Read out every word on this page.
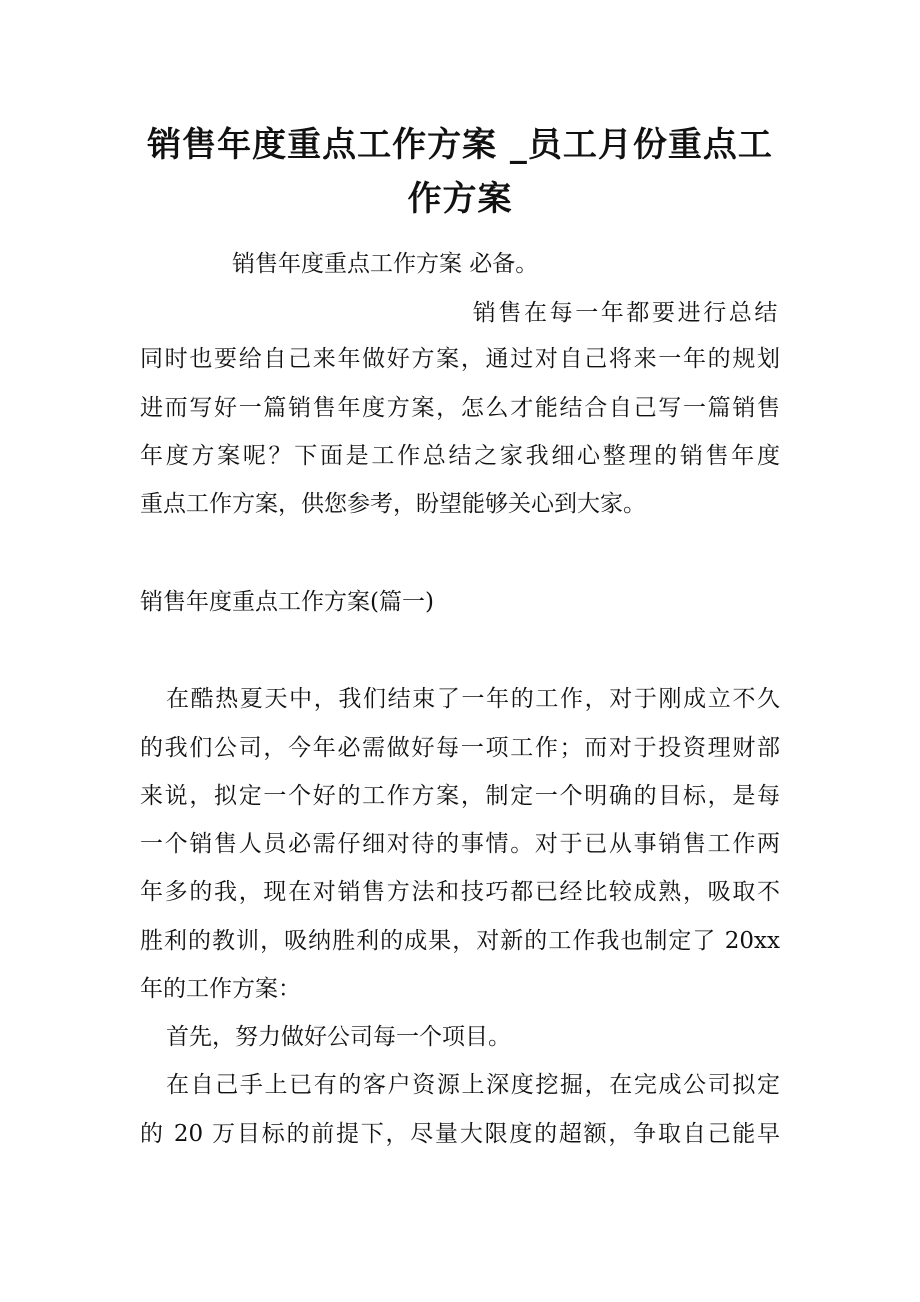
销售年度重点工作方案 _员工月份重点工
作方案

销售年度重点工作方案 必备。

销售在每一年都要进行总结

同时也要给自己来年做好方案，通过对自己将来一年的规划

进而写好一篇销售年度方案，怎么才能结合自己写一篇销售

年度方案呢？下面是工作总结之家我细心整理的销售年度

重点工作方案，供您参考，盼望能够关心到大家。

销售年度重点工作方案(篇一)

在酷热夏天中，我们结束了一年的工作，对于刚成立不久

的我们公司，今年必需做好每一项工作；而对于投资理财部

来说，拟定一个好的工作方案，制定一个明确的目标，是每

一个销售人员必需仔细对待的事情。对于已从事销售工作两

年多的我，现在对销售方法和技巧都已经比较成熟，吸取不

胜利的教训，吸纳胜利的成果，对新的工作我也制定了 20xx

年的工作方案：

首先，努力做好公司每一个项目。

在自己手上已有的客户资源上深度挖掘，在完成公司拟定

的 20 万目标的前提下，尽量大限度的超额，争取自己能早
